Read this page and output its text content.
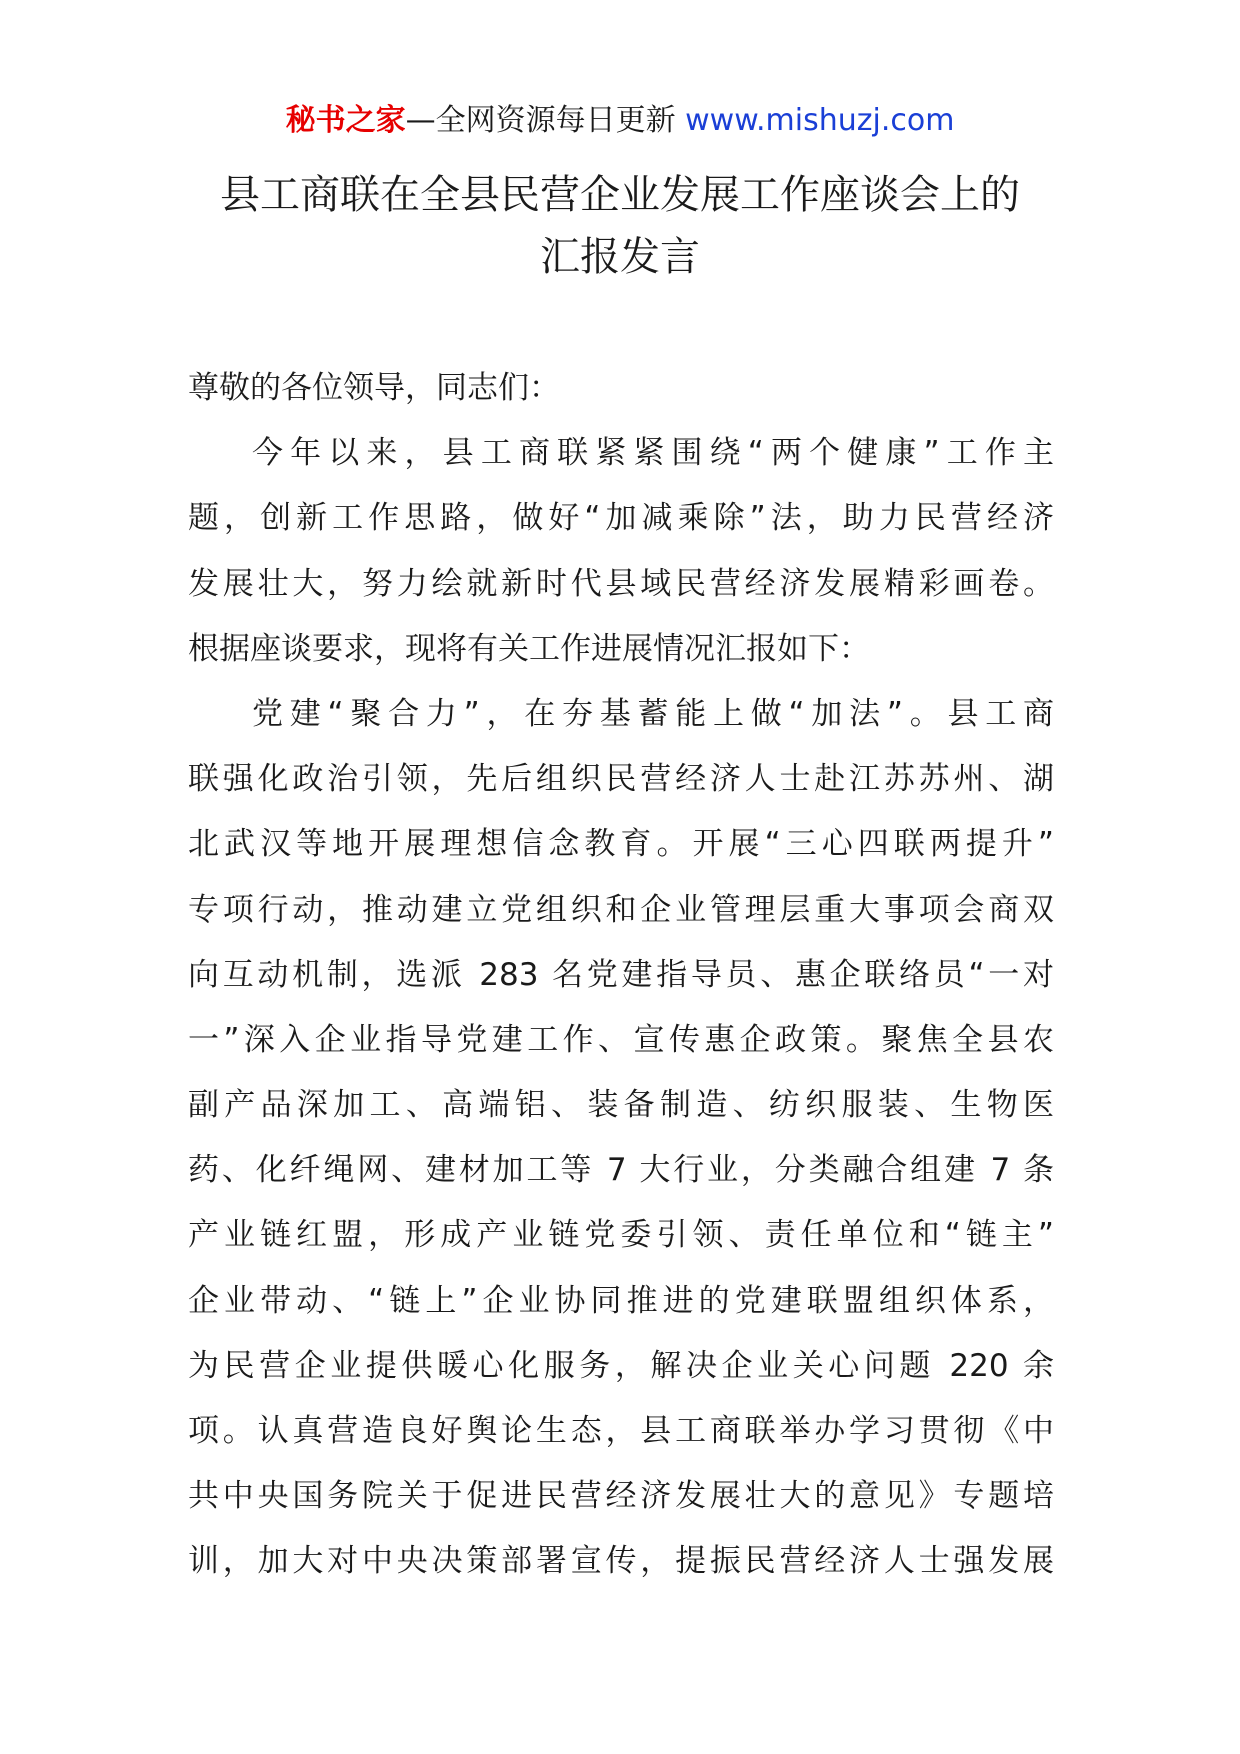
秘书之家—全网资源每日更新 www.mishuzj.com
县工商联在全县民营企业发展工作座谈会上的
汇报发言
尊敬的各位领导，同志们：
今年以来，县工商联紧紧围绕“两个健康”工作主
题，创新工作思路，做好“加减乘除”法，助力民营经济
发展壮大，努力绘就新时代县域民营经济发展精彩画卷。
根据座谈要求，现将有关工作进展情况汇报如下：
党建“聚合力”，在夯基蓄能上做“加法”。县工商
联强化政治引领，先后组织民营经济人士赴江苏苏州、湖
北武汉等地开展理想信念教育。开展“三心四联两提升”
专项行动，推动建立党组织和企业管理层重大事项会商双
向互动机制，选派 283 名党建指导员、惠企联络员“一对
一”深入企业指导党建工作、宣传惠企政策。聚焦全县农
副产品深加工、高端铝、装备制造、纺织服装、生物医
药、化纤绳网、建材加工等 7 大行业，分类融合组建 7 条
产业链红盟，形成产业链党委引领、责任单位和“链主”
企业带动、“链上”企业协同推进的党建联盟组织体系，
为民营企业提供暖心化服务，解决企业关心问题 220 余
项。认真营造良好舆论生态，县工商联举办学习贯彻《中
共中央国务院关于促进民营经济发展壮大的意见》专题培
训，加大对中央决策部署宣传，提振民营经济人士强发展
